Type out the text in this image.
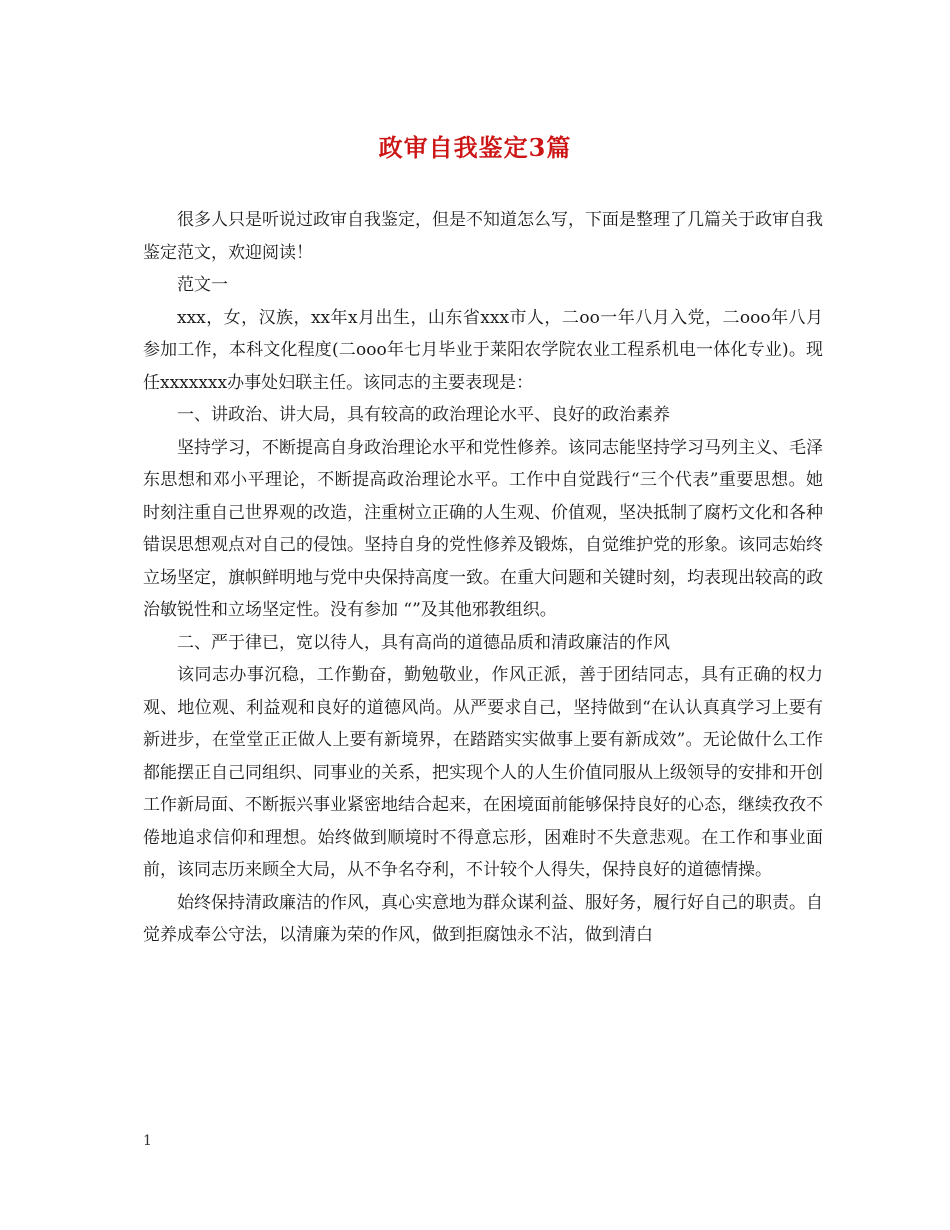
政审自我鉴定3篇

很多人只是听说过政审自我鉴定，但是不知道怎么写，下面是整理了几篇关于政审自我鉴定范文，欢迎阅读！

范文一

xxx，女，汉族，xx年x月出生，山东省xxx市人，二oo一年八月入党，二ooo年八月参加工作，本科文化程度(二ooo年七月毕业于莱阳农学院农业工程系机电一体化专业)。现任xxxxxxx办事处妇联主任。该同志的主要表现是：

一、讲政治、讲大局，具有较高的政治理论水平、良好的政治素养

坚持学习，不断提高自身政治理论水平和党性修养。该同志能坚持学习马列主义、毛泽东思想和邓小平理论，不断提高政治理论水平。工作中自觉践行“三个代表”重要思想。她时刻注重自己世界观的改造，注重树立正确的人生观、价值观，坚决抵制了腐朽文化和各种错误思想观点对自己的侵蚀。坚持自身的党性修养及锻炼，自觉维护党的形象。该同志始终立场坚定，旗帜鲜明地与党中央保持高度一致。在重大问题和关键时刻，均表现出较高的政治敏锐性和立场坚定性。没有参加 “”及其他邪教组织。

二、严于律已，宽以待人，具有高尚的道德品质和清政廉洁的作风

该同志办事沉稳，工作勤奋，勤勉敬业，作风正派，善于团结同志，具有正确的权力观、地位观、利益观和良好的道德风尚。从严要求自己，坚持做到“在认认真真学习上要有新进步，在堂堂正正做人上要有新境界，在踏踏实实做事上要有新成效”。无论做什么工作都能摆正自己同组织、同事业的关系，把实现个人的人生价值同服从上级领导的安排和开创工作新局面、不断振兴事业紧密地结合起来，在困境面前能够保持良好的心态，继续孜孜不倦地追求信仰和理想。始终做到顺境时不得意忘形，困难时不失意悲观。在工作和事业面前，该同志历来顾全大局，从不争名夺利，不计较个人得失，保持良好的道德情操。

始终保持清政廉洁的作风，真心实意地为群众谋利益、服好务，履行好自己的职责。自觉养成奉公守法，以清廉为荣的作风，做到拒腐蚀永不沾，做到清白

1
